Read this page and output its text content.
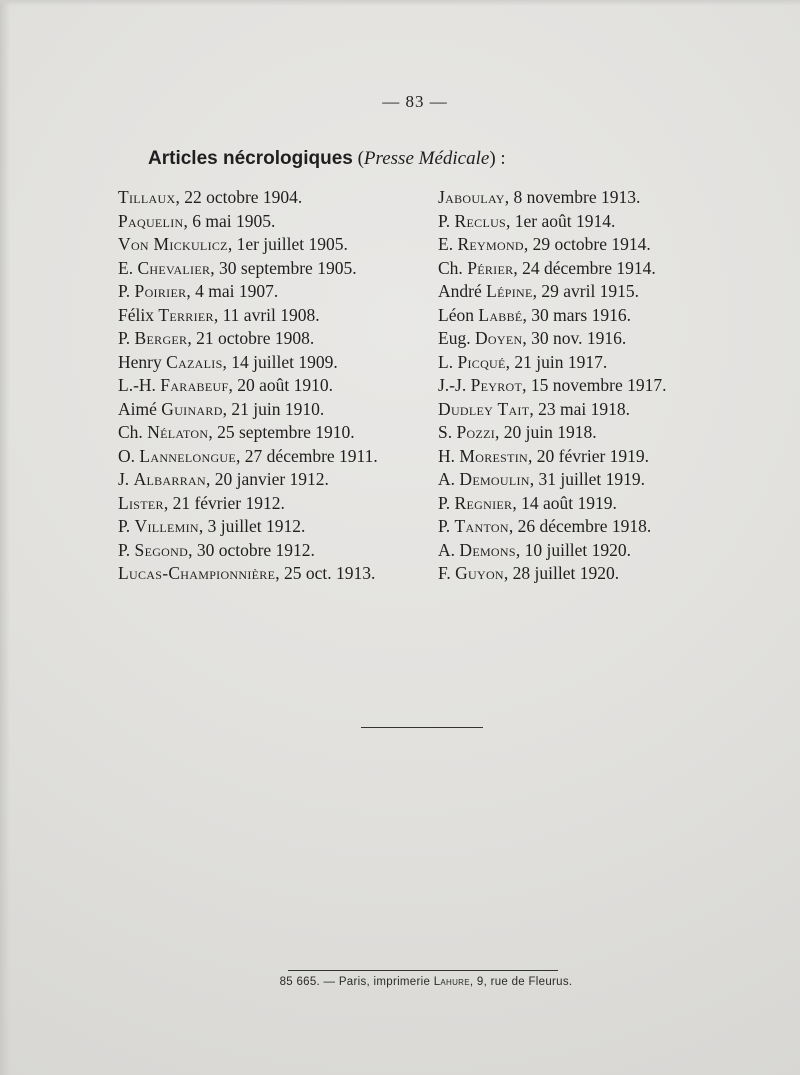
— 83 —
Articles nécrologiques (Presse Médicale) :
Tillaux, 22 octobre 1904.
Paquelin, 6 mai 1905.
Von Mickulicz, 1er juillet 1905.
E. Chevalier, 30 septembre 1905.
P. Poirier, 4 mai 1907.
Félix Terrier, 11 avril 1908.
P. Berger, 21 octobre 1908.
Henry Cazalis, 14 juillet 1909.
L.-H. Farabeuf, 20 août 1910.
Aimé Guinard, 21 juin 1910.
Ch. Nélaton, 25 septembre 1910.
O. Lannelongue, 27 décembre 1911.
J. Albarran, 20 janvier 1912.
Lister, 21 février 1912.
P. Villemin, 3 juillet 1912.
P. Segond, 30 octobre 1912.
Lucas-Championnière, 25 oct. 1913.
Jaboulay, 8 novembre 1913.
P. Reclus, 1er août 1914.
E. Reymond, 29 octobre 1914.
Ch. Périer, 24 décembre 1914.
André Lépine, 29 avril 1915.
Léon Labbé, 30 mars 1916.
Eug. Doyen, 30 nov. 1916.
L. Picqué, 21 juin 1917.
J.-J. Peyrot, 15 novembre 1917.
Dudley Tait, 23 mai 1918.
S. Pozzi, 20 juin 1918.
H. Morestin, 20 février 1919.
A. Demoulin, 31 juillet 1919.
P. Regnier, 14 août 1919.
P. Tanton, 26 décembre 1918.
A. Demons, 10 juillet 1920.
F. Guyon, 28 juillet 1920.
85 665. — Paris, imprimerie Lahure, 9, rue de Fleurus.
